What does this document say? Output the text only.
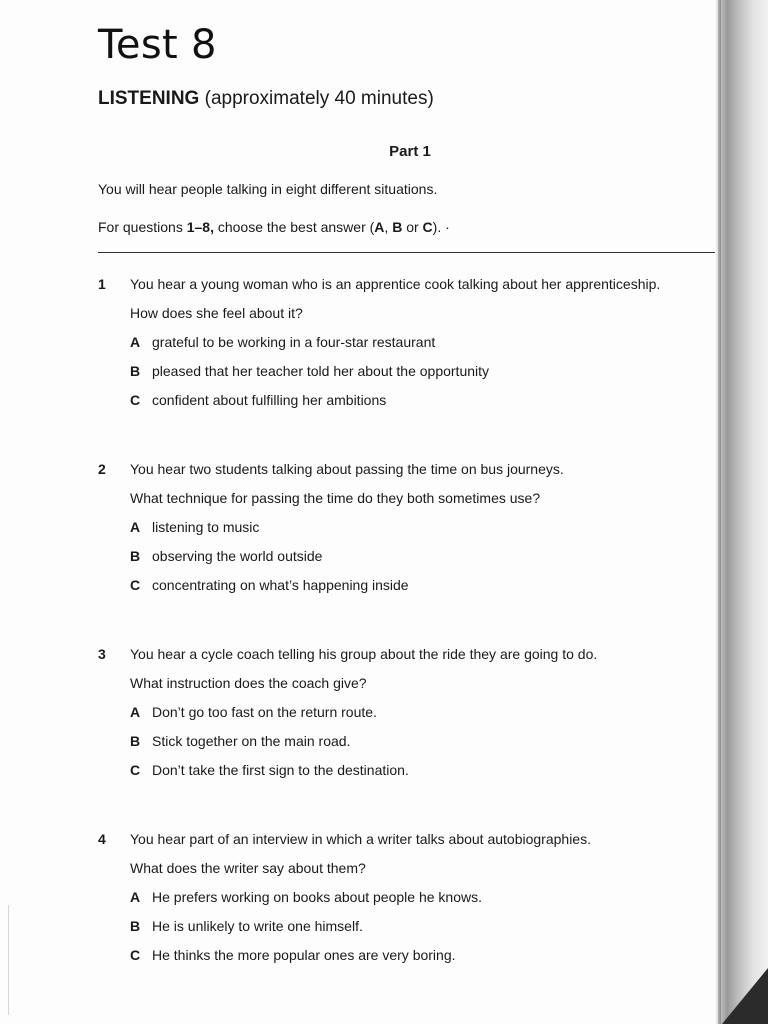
Test 8
LISTENING (approximately 40 minutes)
Part 1

You will hear people talking in eight different situations.

For questions 1–8, choose the best answer (A, B or C). ·

1	You hear a young woman who is an apprentice cook talking about her apprenticeship.
How does she feel about it?
A grateful to be working in a four-star restaurant
B pleased that her teacher told her about the opportunity
C confident about fulfilling her ambitions
2	You hear two students talking about passing the time on bus journeys.
What technique for passing the time do they both sometimes use?
A listening to music
B observing the world outside
C concentrating on what’s happening inside
3	You hear a cycle coach telling his group about the ride they are going to do.
What instruction does the coach give?
A Don’t go too fast on the return route.
B Stick together on the main road.
C Don’t take the first sign to the destination.
4	You hear part of an interview in which a writer talks about autobiographies.
What does the writer say about them?
A He prefers working on books about people he knows.
B He is unlikely to write one himself.
C He thinks the more popular ones are very boring.
